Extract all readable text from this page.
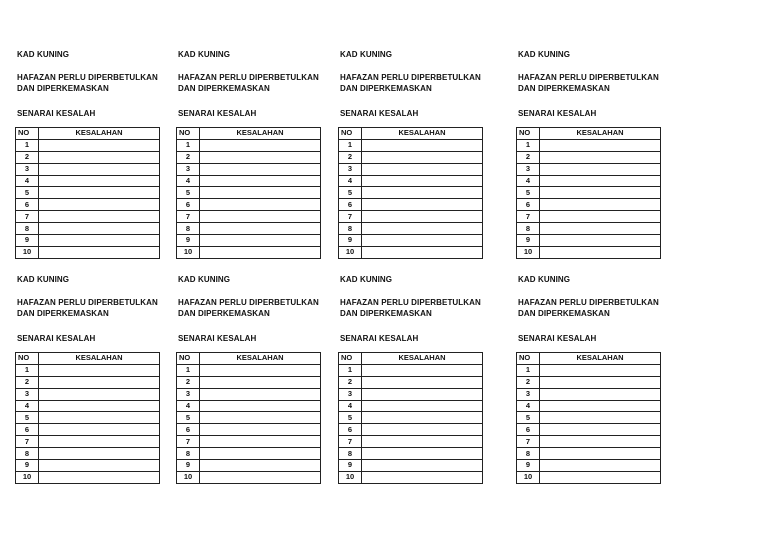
KAD KUNING
HAFAZAN PERLU DIPERBETULKAN DAN DIPERKEMASKAN
SENARAI KESALAH
NO	KESALAHAN
1	
2	
3	
4	
5	
6	
7	
8	
9	
10	
KAD KUNING
HAFAZAN PERLU DIPERBETULKAN DAN DIPERKEMASKAN
SENARAI KESALAH
NO	KESALAHAN
1	
2	
3	
4	
5	
6	
7	
8	
9	
10	
KAD KUNING
HAFAZAN PERLU DIPERBETULKAN DAN DIPERKEMASKAN
SENARAI KESALAH
NO	KESALAHAN
1	
2	
3	
4	
5	
6	
7	
8	
9	
10	
KAD KUNING
HAFAZAN PERLU DIPERBETULKAN DAN DIPERKEMASKAN
SENARAI KESALAH
NO	KESALAHAN
1	
2	
3	
4	
5	
6	
7	
8	
9	
10	
KAD KUNING
HAFAZAN PERLU DIPERBETULKAN DAN DIPERKEMASKAN
SENARAI KESALAH
NO	KESALAHAN
1	
2	
3	
4	
5	
6	
7	
8	
9	
10	
KAD KUNING
HAFAZAN PERLU DIPERBETULKAN DAN DIPERKEMASKAN
SENARAI KESALAH
NO	KESALAHAN
1	
2	
3	
4	
5	
6	
7	
8	
9	
10	
KAD KUNING
HAFAZAN PERLU DIPERBETULKAN DAN DIPERKEMASKAN
SENARAI KESALAH
NO	KESALAHAN
1	
2	
3	
4	
5	
6	
7	
8	
9	
10	
KAD KUNING
HAFAZAN PERLU DIPERBETULKAN DAN DIPERKEMASKAN
SENARAI KESALAH
NO	KESALAHAN
1	
2	
3	
4	
5	
6	
7	
8	
9	
10	
